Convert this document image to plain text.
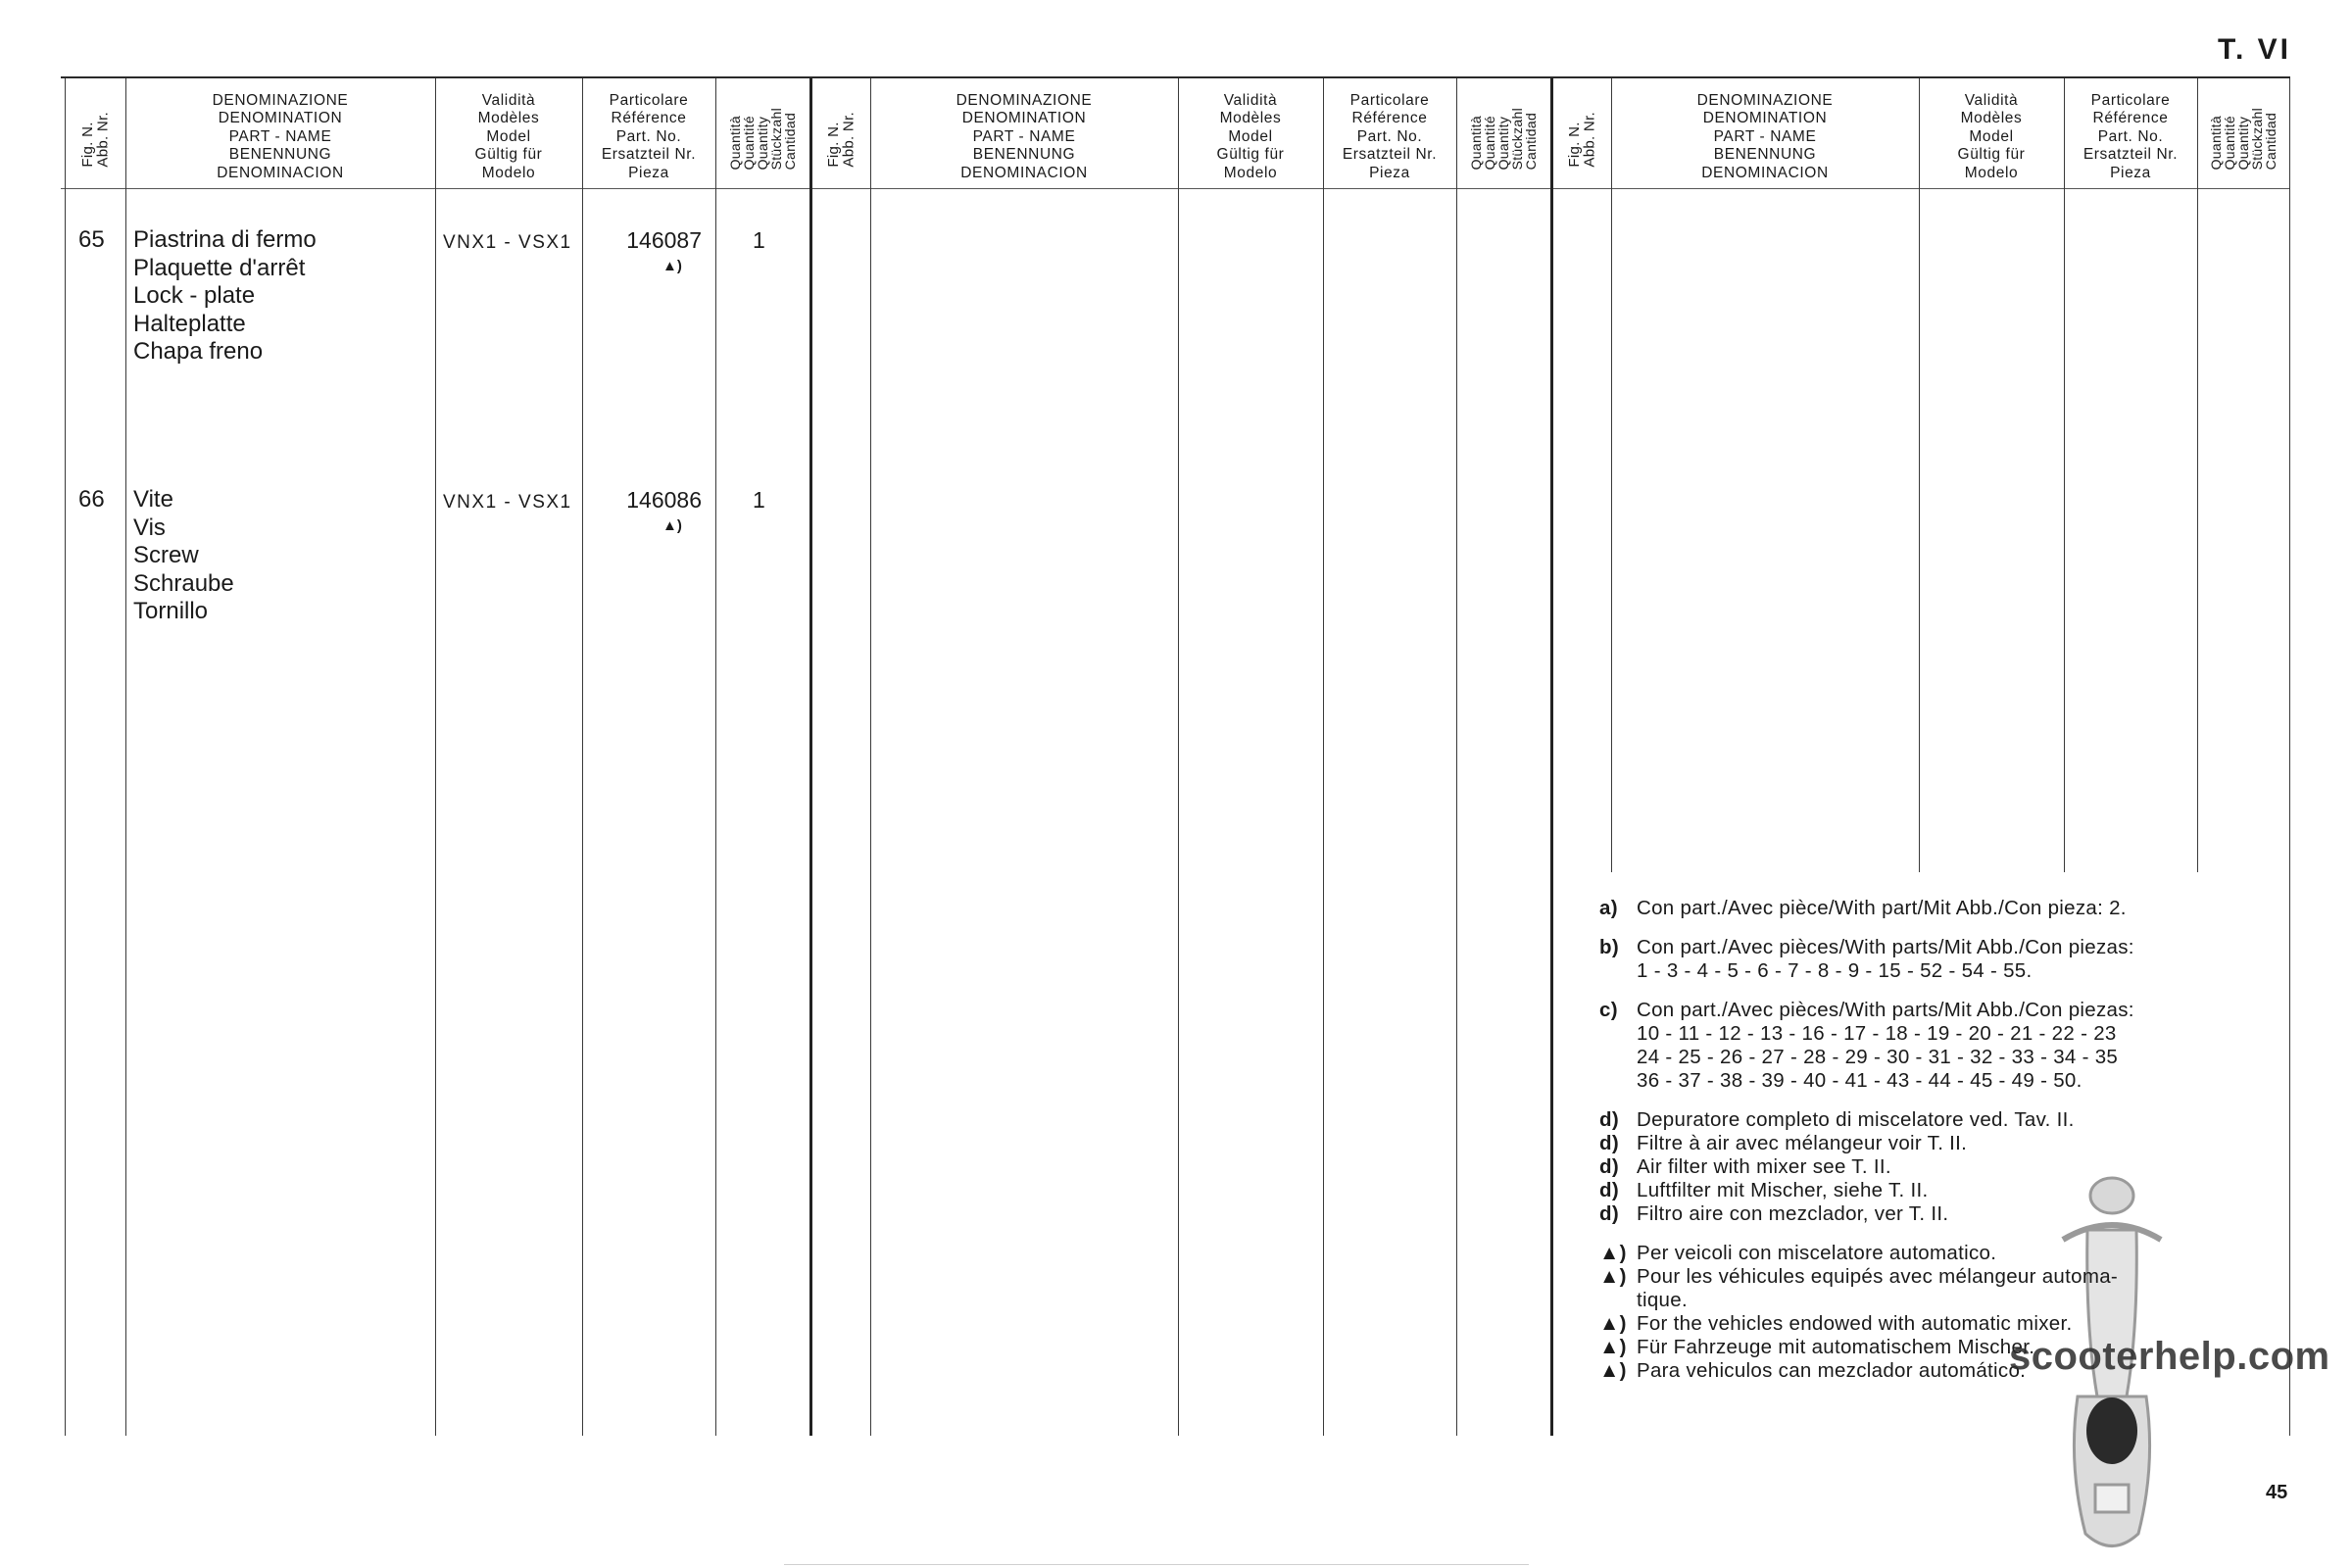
T. VI
45
Fig. N.
Abb. Nr.
DENOMINAZIONE
DENOMINATION
PART - NAME
BENENNUNG
DENOMINACION
Validità
Modèles
Model
Gültig für
Modelo
Particolare
Référence
Part. No.
Ersatzteil Nr.
Pieza
Quantità
Quantité
Quantity
Stückzahl
Cantidad Fig. N.
Abb. Nr.
DENOMINAZIONE
DENOMINATION
PART - NAME
BENENNUNG
DENOMINACION
Validità
Modèles
Model
Gültig für
Modelo
Particolare
Référence
Part. No.
Ersatzteil Nr.
Pieza
Quantità
Quantité
Quantity
Stückzahl
Cantidad Fig. N.
Abb. Nr.
DENOMINAZIONE
DENOMINATION
PART - NAME
BENENNUNG
DENOMINACION
Validità
Modèles
Model
Gültig für
Modelo
Particolare
Référence
Part. No.
Ersatzteil Nr.
Pieza
Quantità
Quantité
Quantity
Stückzahl
Cantidad
65 Piastrina di fermo
Plaquette d'arrêt
Lock - plate
Halteplatte
Chapa freno
VNX1 - VSX1	146087
▲)
1
66 Vite
Vis
Screw
Schraube
Tornillo
VNX1 - VSX1	146086
▲)
1
a) Con part./Avec pièce/With part/Mit Abb./Con pieza: 2.
b) Con part./Avec pièces/With parts/Mit Abb./Con piezas:
1 - 3 - 4 - 5 - 6 - 7 - 8 - 9 - 15 - 52 - 54 - 55.
c) Con part./Avec pièces/With parts/Mit Abb./Con piezas:
10 - 11 - 12 - 13 - 16 - 17 - 18 - 19 - 20 - 21 - 22 - 23
24 - 25 - 26 - 27 - 28 - 29 - 30 - 31 - 32 - 33 - 34 - 35
36 - 37 - 38 - 39 - 40 - 41 - 43 - 44 - 45 - 49 - 50.
d) Depuratore completo di miscelatore ved. Tav. II.
d) Filtre à air avec mélangeur voir T. II.
d) Air filter with mixer see T. II.
d) Luftfilter mit Mischer, siehe T. II.
d) Filtro aire con mezclador, ver T. II.
▲) Per veicoli con miscelatore automatico.
▲) Pour les véhicules equipés avec mélangeur automa-
tique.
▲) For the vehicles endowed with automatic mixer.
▲) Für Fahrzeuge mit automatischem Mischer.
▲) Para vehiculos can mezclador automático.
scooterhelp.com
